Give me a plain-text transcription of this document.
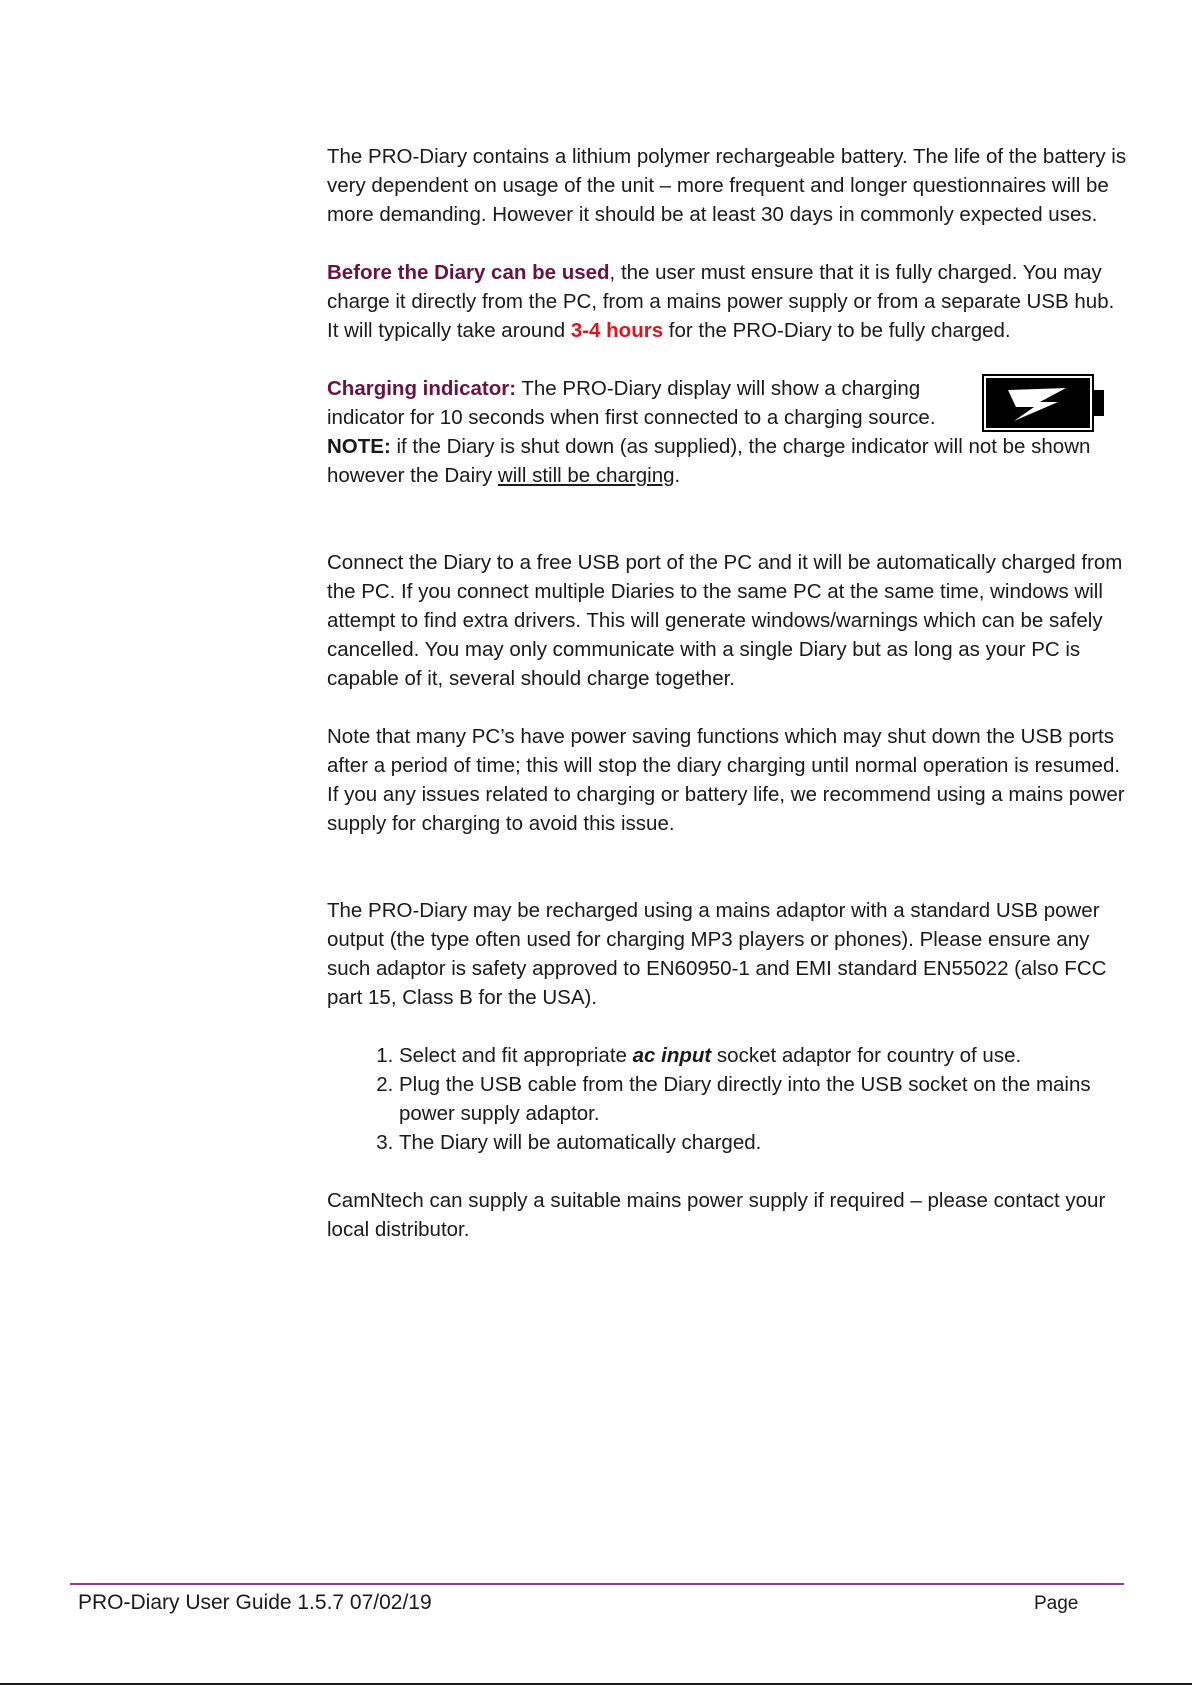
The PRO-Diary contains a lithium polymer rechargeable battery. The life of the battery is very dependent on usage of the unit – more frequent and longer questionnaires will be more demanding. However it should be at least 30 days in commonly expected uses.

Before the Diary can be used, the user must ensure that it is fully charged. You may charge it directly from the PC, from a mains power supply or from a separate USB hub. It will typically take around 3-4 hours for the PRO-Diary to be fully charged.

Charging indicator: The PRO-Diary display will show a charging indicator for 10 seconds when first connected to a charging source.

NOTE: if the Diary is shut down (as supplied), the charge indicator will not be shown however the Dairy will still be charging.

Connect the Diary to a free USB port of the PC and it will be automatically charged from the PC. If you connect multiple Diaries to the same PC at the same time, windows will attempt to find extra drivers. This will generate windows/warnings which can be safely cancelled. You may only communicate with a single Diary but as long as your PC is capable of it, several should charge together.

Note that many PC’s have power saving functions which may shut down the USB ports after a period of time; this will stop the diary charging until normal operation is resumed. If you any issues related to charging or battery life, we recommend using a mains power supply for charging to avoid this issue.

The PRO-Diary may be recharged using a mains adaptor with a standard USB power output (the type often used for charging MP3 players or phones). Please ensure any such adaptor is safety approved to EN60950-1 and EMI standard EN55022 (also FCC part 15, Class B for the USA).

1. Select and fit appropriate ac input socket adaptor for country of use.
2. Plug the USB cable from the Diary directly into the USB socket on the mains power supply adaptor.
3. The Diary will be automatically charged.

CamNtech can supply a suitable mains power supply if required – please contact your local distributor.

PRO-Diary User Guide 1.5.7 07/02/19	Page
